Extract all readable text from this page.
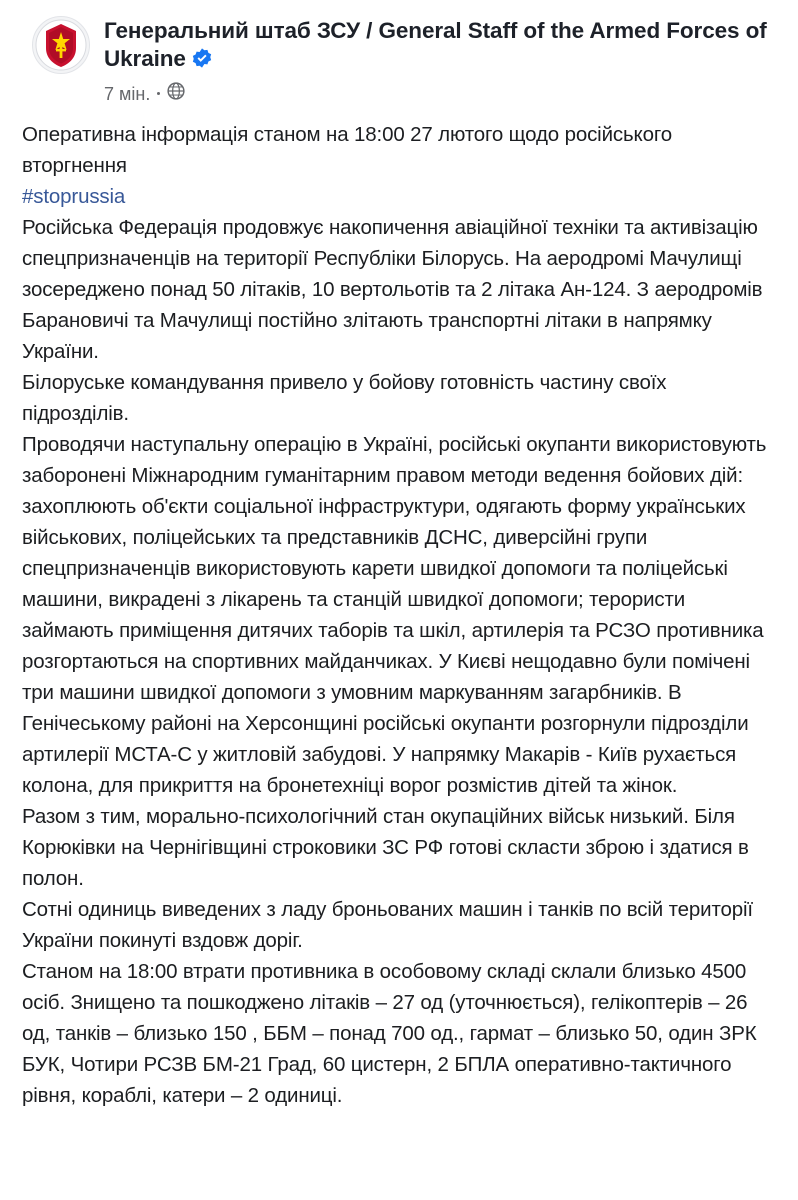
Генеральний штаб ЗСУ / General Staff of the Armed Forces of Ukraine
7 мін.

Оперативна інформація станом на 18:00 27 лютого щодо російського вторгнення

#stoprussia

Російська Федерація продовжує накопичення авіаційної техніки та активізацію спецпризначенців на території Республіки Білорусь. На аеродромі Мачулищі зосереджено понад 50 літаків, 10 вертольотів та 2 літака Ан-124. З аеродромів Барановичі та Мачулищі постійно злітають транспортні літаки в напрямку України.

Білоруське командування привело у бойову готовність частину своїх підрозділів.

Проводячи наступальну операцію в Україні, російські окупанти використовують заборонені Міжнародним гуманітарним правом методи ведення бойових дій: захоплюють об'єкти соціальної інфраструктури, одягають форму українських військових, поліцейських та представників ДСНС, диверсійні групи спецпризначенців використовують карети швидкої допомоги та поліцейські машини, викрадені з лікарень та станцій швидкої допомоги; терористи займають приміщення дитячих таборів та шкіл, артилерія та РСЗО противника розгортаються на спортивних майданчиках. У Києві нещодавно були помічені три машини швидкої допомоги з умовним маркуванням загарбників. В Генічеському районі на Херсонщині російські окупанти розгорнули підрозділи артилерії МСТА-С у житловій забудові. У напрямку Макарів - Київ рухається колона, для прикриття на бронетехніці ворог розмістив дітей та жінок.

Разом з тим, морально-психологічний стан окупаційних військ низький. Біля Корюківки на Чернігівщині строковики ЗС РФ готові скласти зброю і здатися в полон.

Сотні одиниць виведених з ладу броньованих машин і танків по всій території України покинуті вздовж доріг.

Станом на 18:00 втрати противника в особовому складі склали близько 4500 осіб. Знищено та пошкоджено літаків – 27 од (уточнюється), гелікоптерів – 26 од, танків – близько 150 , ББМ – понад 700 од., гармат – близько 50, один ЗРК БУК, Чотири РСЗВ БМ-21 Град, 60 цистерн, 2 БПЛА оперативно-тактичного рівня, кораблі, катери – 2 одиниці.
